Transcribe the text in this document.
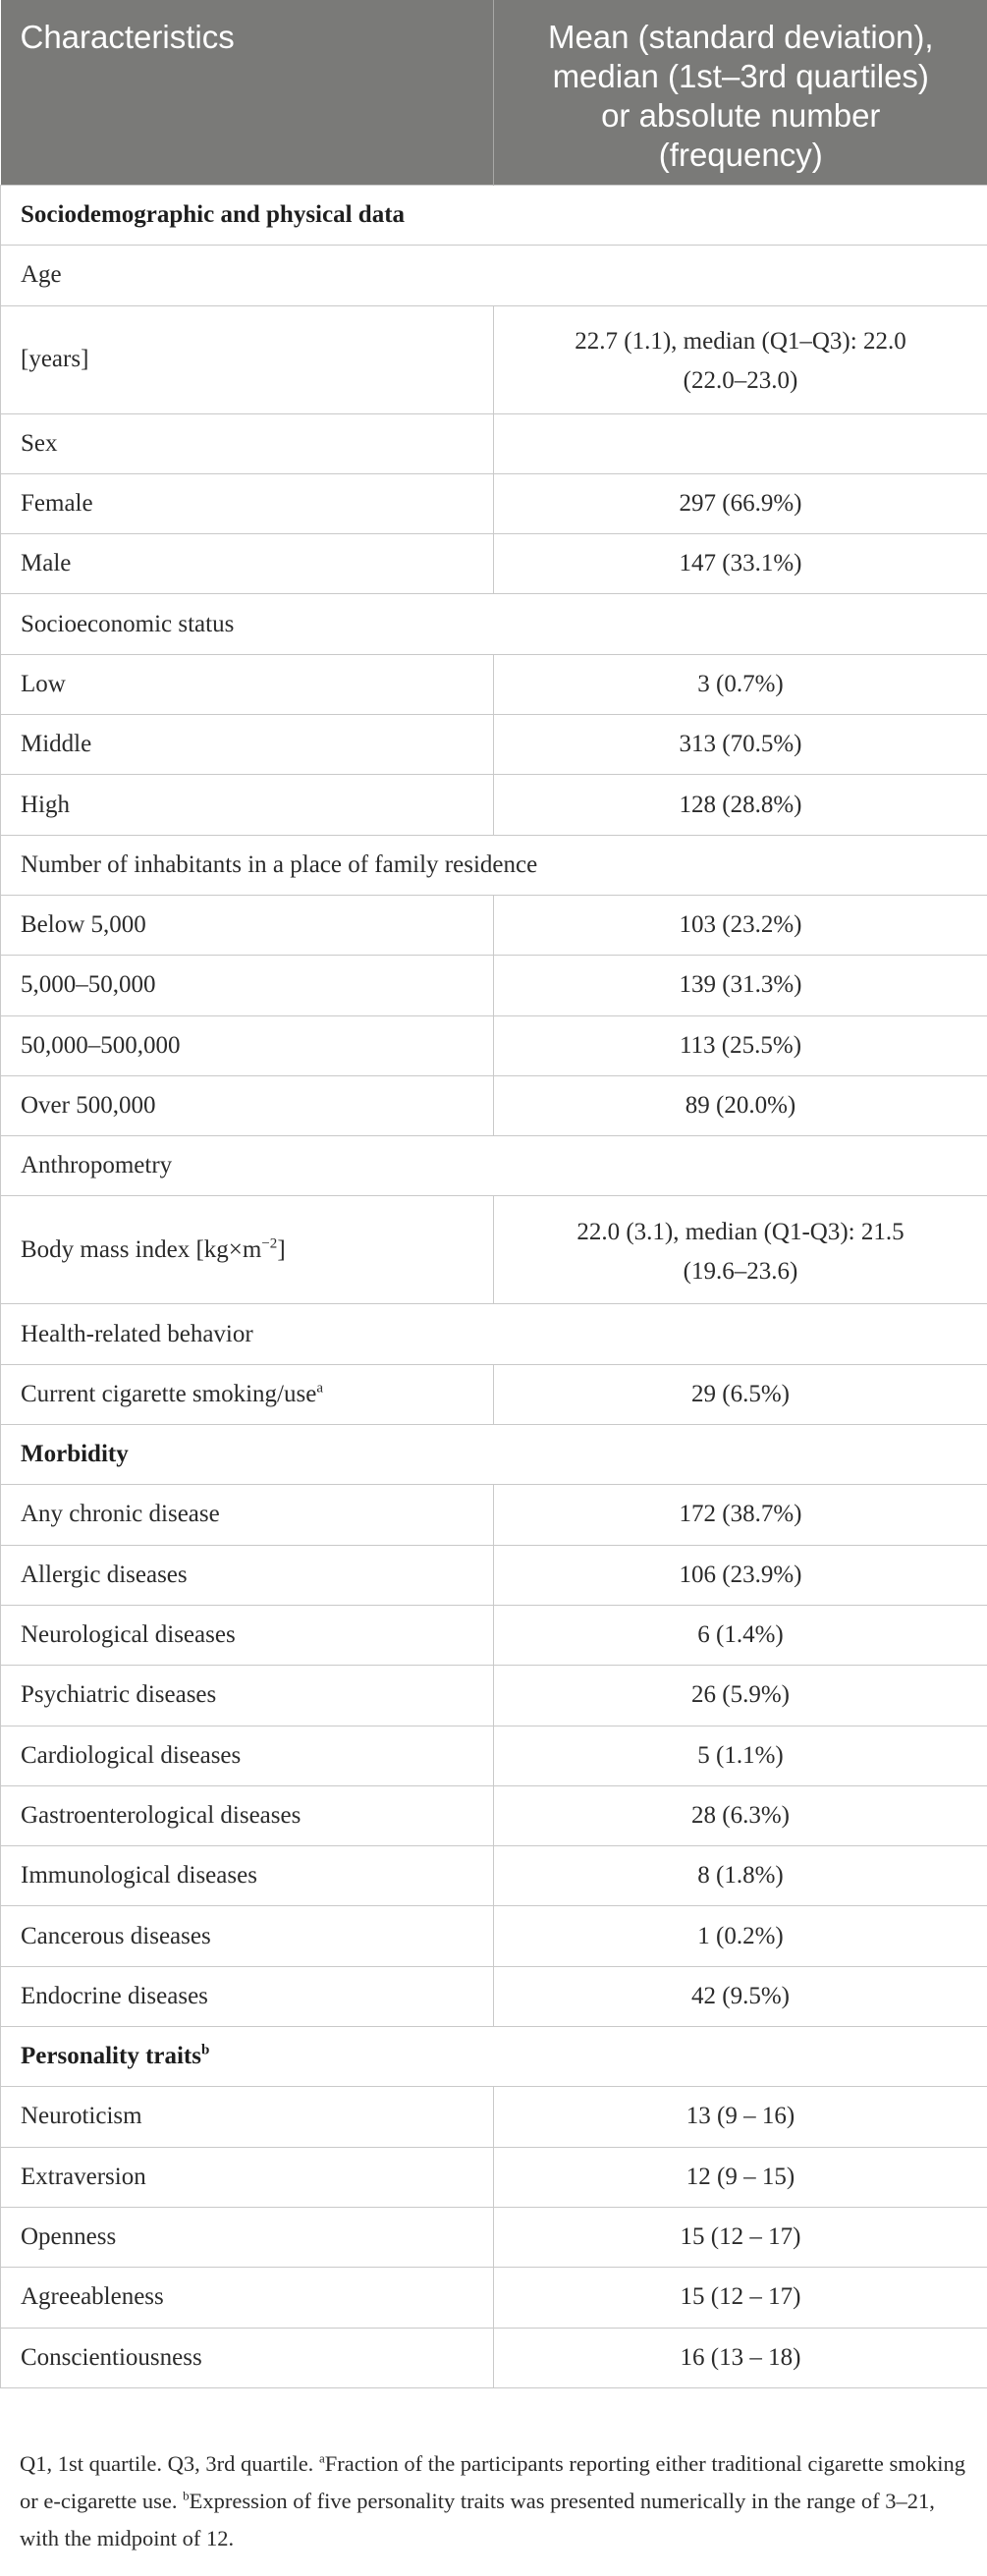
Characteristics	Mean (standard deviation),
median (1st–3rd quartiles)
or absolute number
(frequency)

Sociodemographic and physical data	
Age	
[years]	22.7 (1.1), median (Q1–Q3): 22.0
(22.0–23.0)

Sex	
Female	297 (66.9%)
Male	147 (33.1%)
Socioeconomic status	
Low	3 (0.7%)
Middle	313 (70.5%)
High	128 (28.8%)
Number of inhabitants in a place of family residence	
Below 5,000	103 (23.2%)
5,000–50,000	139 (31.3%)
50,000–500,000	113 (25.5%)
Over 500,000	89 (20.0%)
Anthropometry	
Body mass index $[kg\times m^{-2}]$	22.0 (3.1), median (Q1-Q3): 21.5
(19.6–23.6)

Health-related behavior	
Current cigarette smoking/use$^a$	29 (6.5%)
Morbidity	
Any chronic disease	172 (38.7%)
Allergic diseases	106 (23.9%)
Neurological diseases	6 (1.4%)
Psychiatric diseases	26 (5.9%)
Cardiological diseases	5 (1.1%)
Gastroenterological diseases	28 (6.3%)
Immunological diseases	8 (1.8%)
Cancerous diseases	1 (0.2%)
Endocrine diseases	42 (9.5%)
Personality traits$^b$
Neuroticism	13 (9 – 16)
Extraversion	12 (9 – 15)
Openness	15 (12 – 17)
Agreeableness	15 (12 – 17)
Conscientiousness	16 (13 – 18)
Q1, 1st quartile. Q3, 3rd quartile. $^a$Fraction of the participants reporting either traditional cigarette smoking or e-cigarette use. $^b$Expression of five personality traits was presented numerically in the range of 3–21, with the midpoint of 12.
